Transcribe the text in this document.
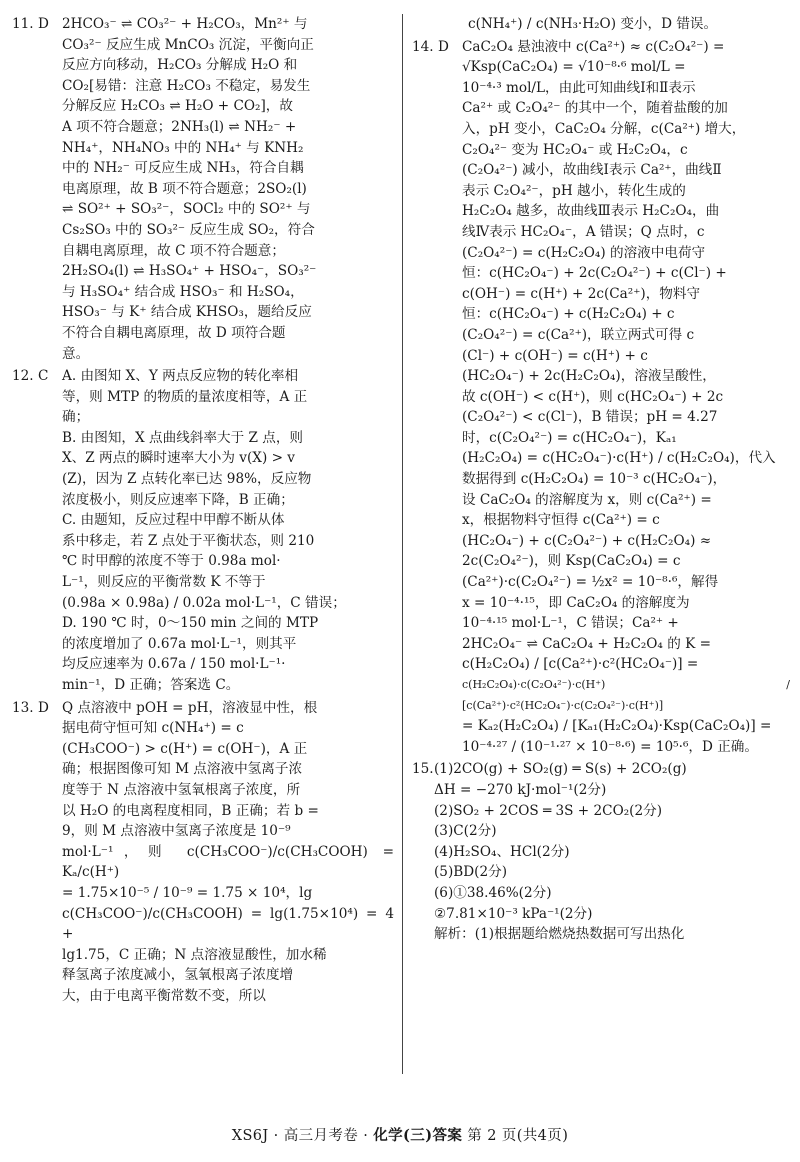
11. D 2HCO₃⁻ ⇌ CO₃²⁻ + H₂CO₃，Mn²⁺ 与
CO₃²⁻ 反应生成 MnCO₃ 沉淀，平衡向正
反应方向移动，H₂CO₃ 分解成 H₂O 和
CO₂[易错：注意 H₂CO₃ 不稳定，易发生
分解反应 H₂CO₃ ⇌ H₂O + CO₂]，故
A 项不符合题意；2NH₃(l) ⇌ NH₂⁻ +
NH₄⁺，NH₄NO₃ 中的 NH₄⁺ 与 KNH₂
中的 NH₂⁻ 可反应生成 NH₃，符合自耦
电离原理，故 B 项不符合题意；2SO₂(l)
⇌ SO²⁺ + SO₃²⁻，SOCl₂ 中的 SO²⁺ 与
Cs₂SO₃ 中的 SO₃²⁻ 反应生成 SO₂，符合
自耦电离原理，故 C 项不符合题意；
2H₂SO₄(l) ⇌ H₃SO₄⁺ + HSO₄⁻，SO₃²⁻
与 H₃SO₄⁺ 结合成 HSO₃⁻ 和 H₂SO₄，
HSO₃⁻ 与 K⁺ 结合成 KHSO₃，题给反应
不符合自耦电离原理，故 D 项符合题
意。
12. C	A. 由图知 X、Y 两点反应物的转化率相
等，则 MTP 的物质的量浓度相等，A 正
确；
B. 由图知，X 点曲线斜率大于 Z 点，则
X、Z 两点的瞬时速率大小为 v(X) > v
(Z)，因为 Z 点转化率已达 98%，反应物
浓度极小，则反应速率下降，B 正确；
C. 由题知，反应过程中甲醇不断从体
系中移走，若 Z 点处于平衡状态，则 210
℃ 时甲醇的浓度不等于 0.98a mol·
L⁻¹，则反应的平衡常数 K 不等于
(0.98a × 0.98a) / 0.02a mol·L⁻¹，C 错误；
D. 190 ℃ 时，0～150 min 之间的 MTP
的浓度增加了 0.67a mol·L⁻¹，则其平
均反应速率为 0.67a / 150 mol·L⁻¹·
min⁻¹，D 正确；答案选 C。
13. D Q 点溶液中 pOH = pH，溶液显中性，根
据电荷守恒可知 c(NH₄⁺) = c
(CH₃COO⁻) > c(H⁺) = c(OH⁻)，A 正
确；根据图像可知 M 点溶液中氢离子浓
度等于 N 点溶液中氢氧根离子浓度，所
以 H₂O 的电离程度相同，B 正确；若 b =
9，则 M 点溶液中氢离子浓度是 10⁻⁹
mol·L⁻¹，则 c(CH₃COO⁻)/c(CH₃COOH) = Kₐ/c(H⁺)
= 1.75×10⁻⁵ / 10⁻⁹ = 1.75 × 10⁴，lg
c(CH₃COO⁻)/c(CH₃COOH) = lg(1.75×10⁴) = 4 +
lg1.75，C 正确；N 点溶液显酸性，加水稀
释氢离子浓度减小，氢氧根离子浓度增
大，由于电离平衡常数不变，所以
c(NH₄⁺) / c(NH₃·H₂O) 变小，D 错误。
14. D CaC₂O₄ 悬浊液中 c(Ca²⁺) ≈ c(C₂O₄²⁻) =
√Ksp(CaC₂O₄) = √10⁻⁸·⁶ mol/L =
10⁻⁴·³ mol/L，由此可知曲线Ⅰ和Ⅱ表示
Ca²⁺ 或 C₂O₄²⁻ 的其中一个，随着盐酸的加
入，pH 变小，CaC₂O₄ 分解，c(Ca²⁺) 增大，
C₂O₄²⁻ 变为 HC₂O₄⁻ 或 H₂C₂O₄，c
(C₂O₄²⁻) 减小，故曲线Ⅰ表示 Ca²⁺，曲线Ⅱ
表示 C₂O₄²⁻，pH 越小，转化生成的
H₂C₂O₄ 越多，故曲线Ⅲ表示 H₂C₂O₄，曲
线Ⅳ表示 HC₂O₄⁻，A 错误；Q 点时，c
(C₂O₄²⁻) = c(H₂C₂O₄) 的溶液中电荷守
恒：c(HC₂O₄⁻) + 2c(C₂O₄²⁻) + c(Cl⁻) +
c(OH⁻) = c(H⁺) + 2c(Ca²⁺)，物料守
恒：c(HC₂O₄⁻) + c(H₂C₂O₄) + c
(C₂O₄²⁻) = c(Ca²⁺)，联立两式可得 c
(Cl⁻) + c(OH⁻) = c(H⁺) + c
(HC₂O₄⁻) + 2c(H₂C₂O₄)，溶液呈酸性，
故 c(OH⁻) < c(H⁺)，则 c(HC₂O₄⁻) + 2c
(C₂O₄²⁻) < c(Cl⁻)，B 错误；pH = 4.27
时，c(C₂O₄²⁻) = c(HC₂O₄⁻)，Kₐ₁
(H₂C₂O₄) = c(HC₂O₄⁻)·c(H⁺) / c(H₂C₂O₄)，代入
数据得到 c(H₂C₂O₄) = 10⁻³ c(HC₂O₄⁻)，
设 CaC₂O₄ 的溶解度为 x，则 c(Ca²⁺) =
x，根据物料守恒得 c(Ca²⁺) = c
(HC₂O₄⁻) + c(C₂O₄²⁻) + c(H₂C₂O₄) ≈
2c(C₂O₄²⁻)，则 Ksp(CaC₂O₄) = c
(Ca²⁺)·c(C₂O₄²⁻) = ½x² = 10⁻⁸·⁶，解得
x = 10⁻⁴·¹⁵，即 CaC₂O₄ 的溶解度为
10⁻⁴·¹⁵ mol·L⁻¹，C 错误；Ca²⁺ +
2HC₂O₄⁻ ⇌ CaC₂O₄ + H₂C₂O₄ 的 K =
c(H₂C₂O₄) / [c(Ca²⁺)·c²(HC₂O₄⁻)] =
c(H₂C₂O₄)·c(C₂O₄²⁻)·c(H⁺) / [c(Ca²⁺)·c²(HC₂O₄⁻)·c(C₂O₄²⁻)·c(H⁺)]
= Kₐ₂(H₂C₂O₄) / [Kₐ₁(H₂C₂O₄)·Ksp(CaC₂O₄)] =
10⁻⁴·²⁷ / (10⁻¹·²⁷ × 10⁻⁸·⁶) = 10⁵·⁶，D 正确。
15. (1)2CO(g) + SO₂(g) ═ S(s) + 2CO₂(g)
ΔH = −270 kJ·mol⁻¹(2分)
(2)SO₂ + 2COS ═ 3S + 2CO₂(2分)
(3)C(2分)
(4)H₂SO₄、HCl(2分)
(5)BD(2分)
(6)①38.46%(2分)
②7.81×10⁻³ kPa⁻¹(2分)
解析：(1)根据题给燃烧热数据可写出热化
XS6J · 高三月考卷 · 化学(三)答案 第 2 页(共4页)
